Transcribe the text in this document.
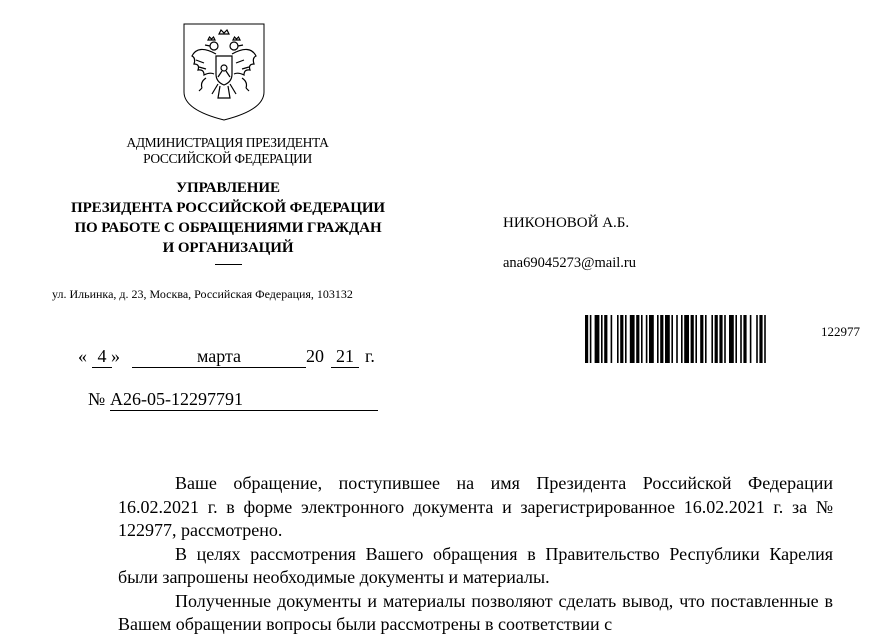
АДМИНИСТРАЦИЯ ПРЕЗИДЕНТА
РОССИЙСКОЙ ФЕДЕРАЦИИ
УПРАВЛЕНИЕ
ПРЕЗИДЕНТА РОССИЙСКОЙ ФЕДЕРАЦИИ
ПО РАБОТЕ С ОБРАЩЕНИЯМИ ГРАЖДАН
И ОРГАНИЗАЦИЙ
ул. Ильинка, д. 23, Москва, Российская Федерация, 103132
НИКОНОВОЙ А.Б.
ana69045273@mail.ru
122977
« 4 »	марта	20 21 г.
№ А26-05-12297791

Ваше обращение, поступившее на имя Президента Российской Федерации 16.02.2021 г. в форме электронного документа и зарегистрированное 16.02.2021 г. за № 122977, рассмотрено.

В целях рассмотрения Вашего обращения в Правительство Республики Карелия были запрошены необходимые документы и материалы.

Полученные документы и материалы позволяют сделать вывод, что поставленные в Вашем обращении вопросы были рассмотрены в соответствии с
